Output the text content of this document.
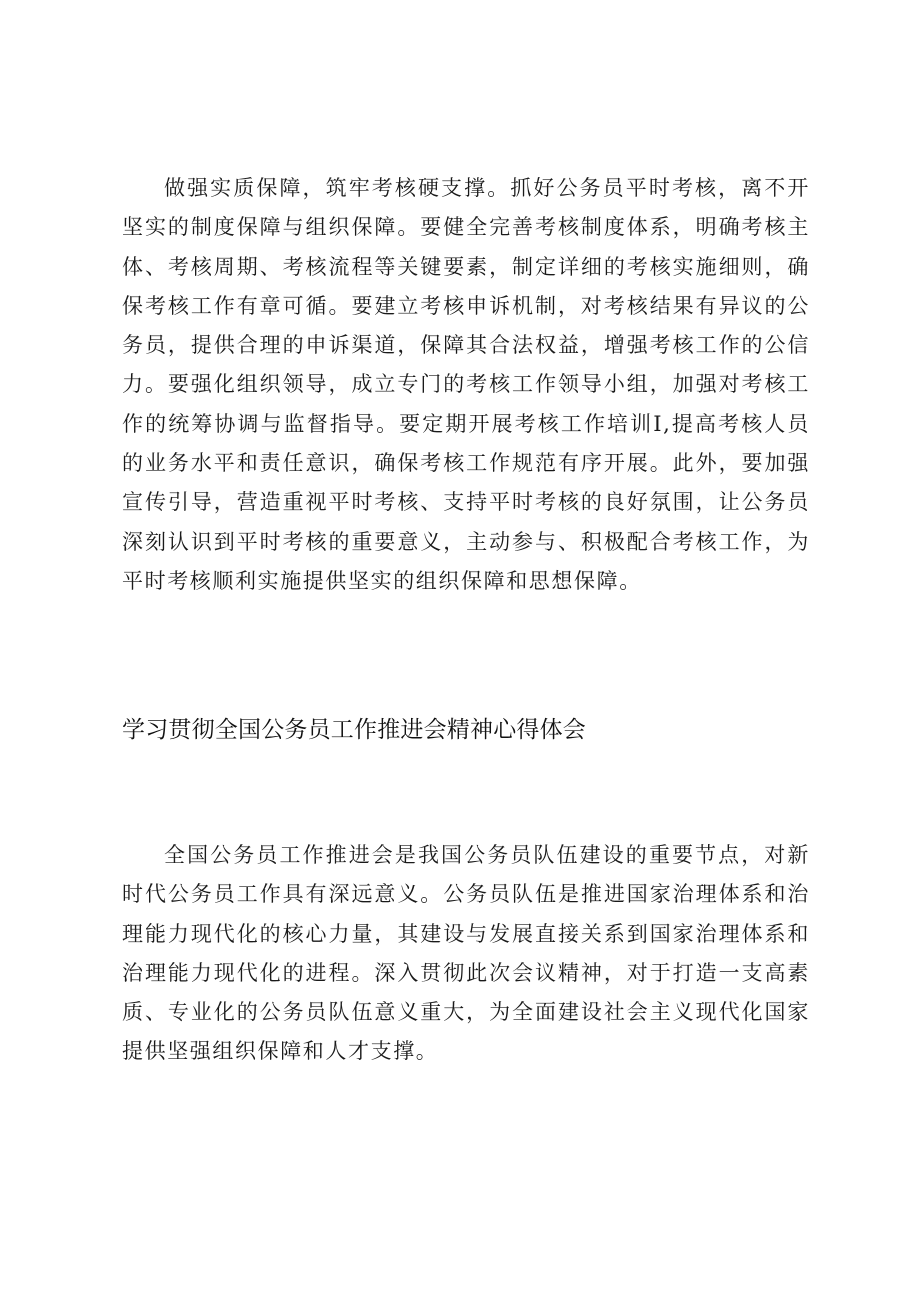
做强实质保障，筑牢考核硬支撑。抓好公务员平时考核，离不开坚实的制度保障与组织保障。要健全完善考核制度体系，明确考核主体、考核周期、考核流程等关键要素，制定详细的考核实施细则，确保考核工作有章可循。要建立考核申诉机制，对考核结果有异议的公务员，提供合理的申诉渠道，保障其合法权益，增强考核工作的公信力。要强化组织领导，成立专门的考核工作领导小组，加强对考核工作的统筹协调与监督指导。要定期开展考核工作培训I,提高考核人员的业务水平和责任意识，确保考核工作规范有序开展。此外，要加强宣传引导，营造重视平时考核、支持平时考核的良好氛围，让公务员深刻认识到平时考核的重要意义，主动参与、积极配合考核工作，为平时考核顺利实施提供坚实的组织保障和思想保障。

学习贯彻全国公务员工作推进会精神心得体会

全国公务员工作推进会是我国公务员队伍建设的重要节点，对新时代公务员工作具有深远意义。公务员队伍是推进国家治理体系和治理能力现代化的核心力量，其建设与发展直接关系到国家治理体系和治理能力现代化的进程。深入贯彻此次会议精神，对于打造一支高素质、专业化的公务员队伍意义重大，为全面建设社会主义现代化国家提供坚强组织保障和人才支撑。
